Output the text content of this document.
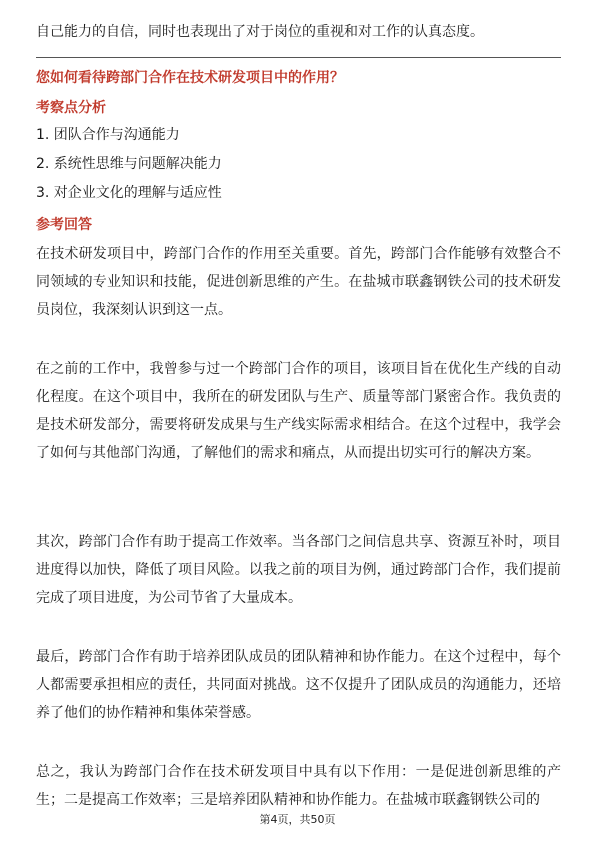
自己能力的自信，同时也表现出了对于岗位的重视和对工作的认真态度。
您如何看待跨部门合作在技术研发项目中的作用？
考察点分析
1. 团队合作与沟通能力
2. 系统性思维与问题解决能力
3. 对企业文化的理解与适应性
参考回答
在技术研发项目中，跨部门合作的作用至关重要。首先，跨部门合作能够有效整合不同领域的专业知识和技能，促进创新思维的产生。在盐城市联鑫钢铁公司的技术研发员岗位，我深刻认识到这一点。
在之前的工作中，我曾参与过一个跨部门合作的项目，该项目旨在优化生产线的自动化程度。在这个项目中，我所在的研发团队与生产、质量等部门紧密合作。我负责的是技术研发部分，需要将研发成果与生产线实际需求相结合。在这个过程中，我学会了如何与其他部门沟通，了解他们的需求和痛点，从而提出切实可行的解决方案。
其次，跨部门合作有助于提高工作效率。当各部门之间信息共享、资源互补时，项目进度得以加快，降低了项目风险。以我之前的项目为例，通过跨部门合作，我们提前完成了项目进度，为公司节省了大量成本。
最后，跨部门合作有助于培养团队成员的团队精神和协作能力。在这个过程中，每个人都需要承担相应的责任，共同面对挑战。这不仅提升了团队成员的沟通能力，还培养了他们的协作精神和集体荣誉感。
总之，我认为跨部门合作在技术研发项目中具有以下作用：一是促进创新思维的产生；二是提高工作效率；三是培养团队精神和协作能力。在盐城市联鑫钢铁公司的
第4页，共50页
